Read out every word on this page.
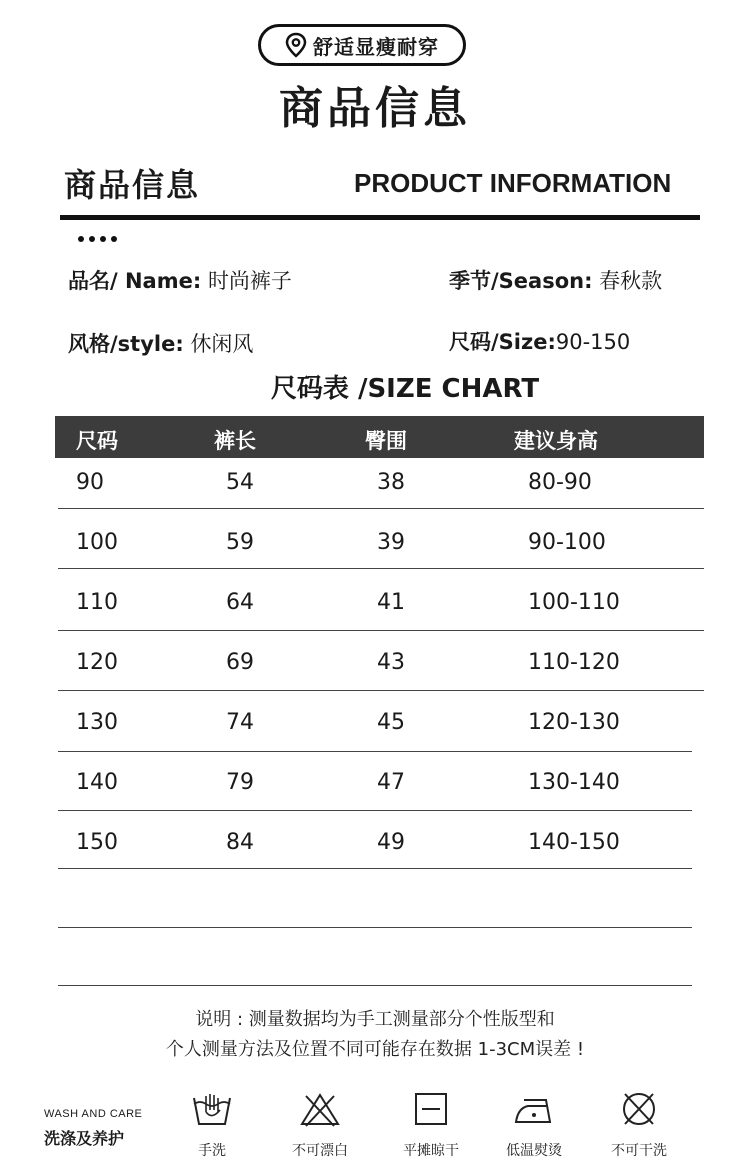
舒适显瘦耐穿
商品信息
商品信息	PRODUCT INFORMATION
品名/ Name: 时尚裤子	季节/Season: 春秋款
风格/style: 休闲风	尺码/Size:90-150
尺码表 /SIZE CHART
尺码	裤长	臀围	建议身高
90	54	38	80-90
100	59	39	90-100
110	64	41	100-110
120	69	43	110-120
130	74	45	120-130
140	79	47	130-140
150	84	49	140-150
说明 : 测量数据均为手工测量部分个性版型和
个人测量方法及位置不同可能存在数据 1-3CM误差 !
WASH AND CARE
洗涤及养护
手洗	不可漂白	平摊晾干	低温熨烫	不可干洗
